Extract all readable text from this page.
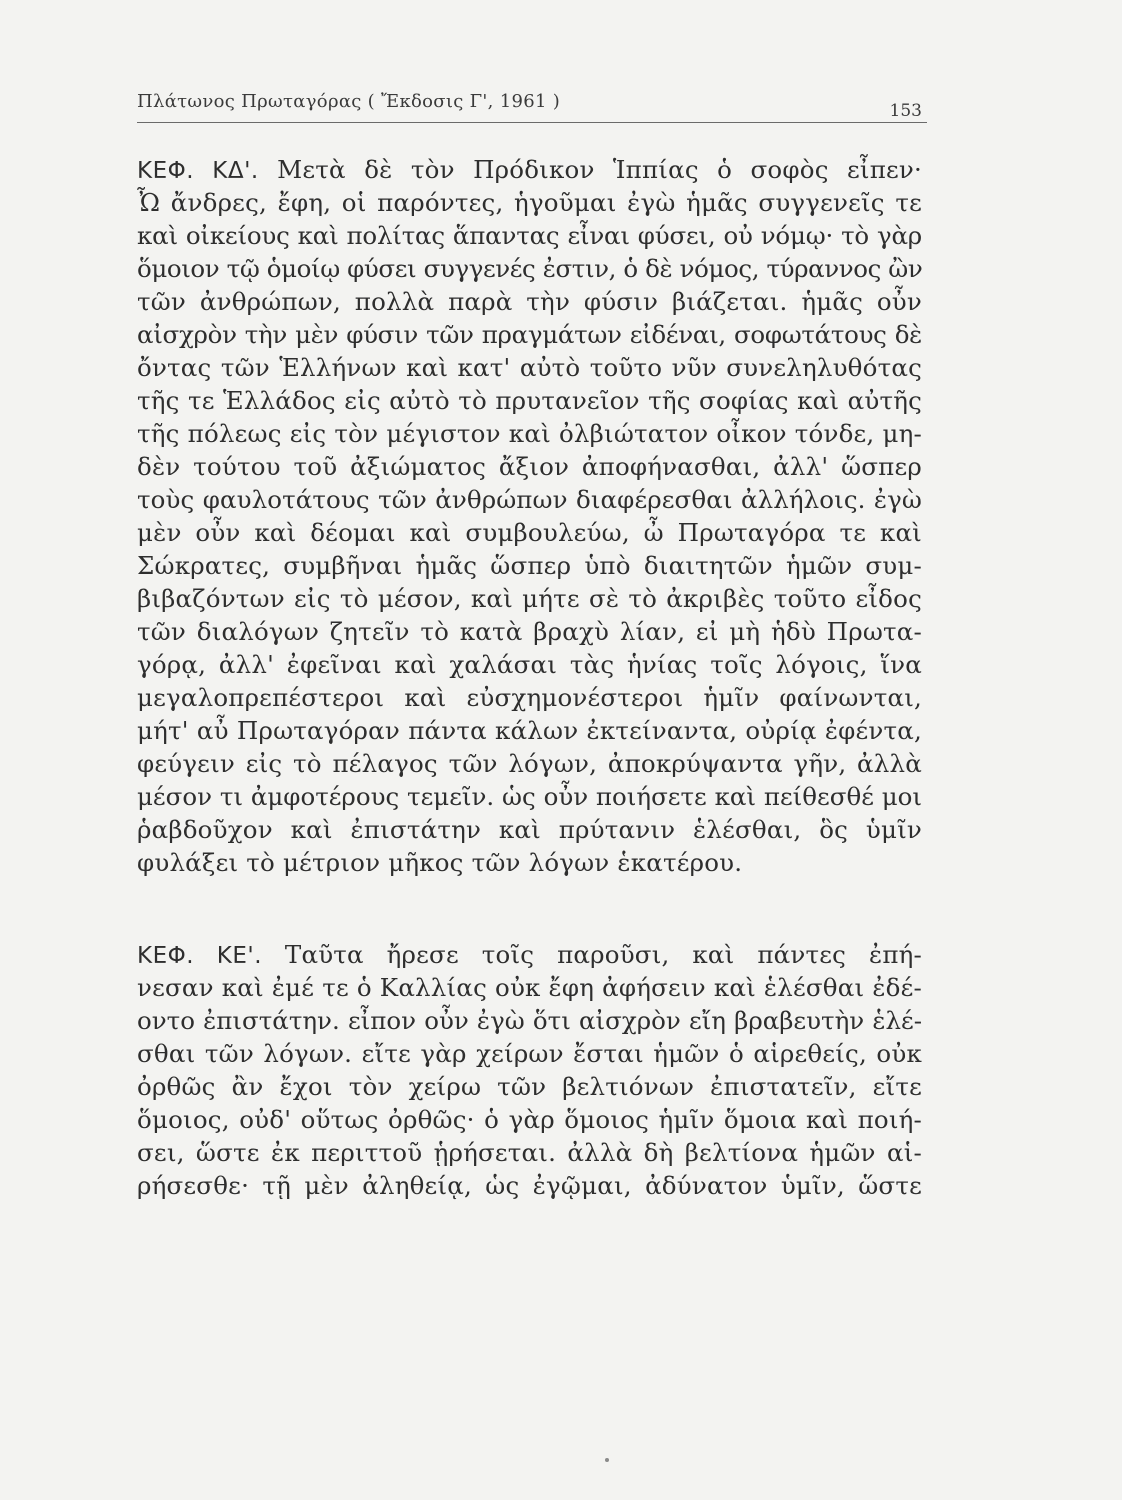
Πλάτωνος Πρωταγόρας ( Ἔκδοσις Γ', 1961 )	153
ΚΕΦ. ΚΔ'. Μετὰ δὲ τὸν Πρόδικον Ἱππίας ὁ σοφὸς εἶπεν·
Ὦ ἄνδρες, ἔφη, οἱ παρόντες, ἡγοῦμαι ἐγὼ ἡμᾶς συγγενεῖς τε
καὶ οἰκείους καὶ πολίτας ἅπαντας εἶναι φύσει, οὐ νόμῳ· τὸ γὰρ
ὅμοιον τῷ ὁμοίῳ φύσει συγγενές ἐστιν, ὁ δὲ νόμος, τύραννος ὢν
τῶν ἀνθρώπων, πολλὰ παρὰ τὴν φύσιν βιάζεται. ἡμᾶς οὖν
αἰσχρὸν τὴν μὲν φύσιν τῶν πραγμάτων εἰδέναι, σοφωτάτους δὲ
ὄντας τῶν Ἑλλήνων καὶ κατ' αὐτὸ τοῦτο νῦν συνεληλυθότας
τῆς τε Ἑλλάδος εἰς αὐτὸ τὸ πρυτανεῖον τῆς σοφίας καὶ αὐτῆς
τῆς πόλεως εἰς τὸν μέγιστον καὶ ὀλβιώτατον οἶκον τόνδε, μη-
δὲν τούτου τοῦ ἀξιώματος ἄξιον ἀποφήνασθαι, ἀλλ' ὥσπερ
τοὺς φαυλοτάτους τῶν ἀνθρώπων διαφέρεσθαι ἀλλήλοις. ἐγὼ
μὲν οὖν καὶ δέομαι καὶ συμβουλεύω, ὦ Πρωταγόρα τε καὶ
Σώκρατες, συμβῆναι ἡμᾶς ὥσπερ ὑπὸ διαιτητῶν ἡμῶν συμ-
βιβαζόντων εἰς τὸ μέσον, καὶ μήτε σὲ τὸ ἀκριβὲς τοῦτο εἶδος
τῶν διαλόγων ζητεῖν τὸ κατὰ βραχὺ λίαν, εἰ μὴ ἡδὺ Πρωτα-
γόρᾳ, ἀλλ' ἐφεῖναι καὶ χαλάσαι τὰς ἡνίας τοῖς λόγοις, ἵνα
μεγαλοπρεπέστεροι καὶ εὐσχημονέστεροι ἡμῖν φαίνωνται,
μήτ' αὖ Πρωταγόραν πάντα κάλων ἐκτείναντα, οὐρίᾳ ἐφέντα,
φεύγειν εἰς τὸ πέλαγος τῶν λόγων, ἀποκρύψαντα γῆν, ἀλλὰ
μέσον τι ἀμφοτέρους τεμεῖν. ὡς οὖν ποιήσετε καὶ πείθεσθέ μοι
ῥαβδοῦχον καὶ ἐπιστάτην καὶ πρύτανιν ἑλέσθαι, ὃς ὑμῖν
φυλάξει τὸ μέτριον μῆκος τῶν λόγων ἑκατέρου.
ΚΕΦ. ΚΕ'. Ταῦτα ἤρεσε τοῖς παροῦσι, καὶ πάντες ἐπή-
νεσαν καὶ ἐμέ τε ὁ Καλλίας οὐκ ἔφη ἀφήσειν καὶ ἑλέσθαι ἐδέ-
οντο ἐπιστάτην. εἶπον οὖν ἐγὼ ὅτι αἰσχρὸν εἴη βραβευτὴν ἑλέ-
σθαι τῶν λόγων. εἴτε γὰρ χείρων ἔσται ἡμῶν ὁ αἱρεθείς, οὐκ
ὀρθῶς ἂν ἔχοι τὸν χείρω τῶν βελτιόνων ἐπιστατεῖν, εἴτε
ὅμοιος, οὐδ' οὕτως ὀρθῶς· ὁ γὰρ ὅμοιος ἡμῖν ὅμοια καὶ ποιή-
σει, ὥστε ἐκ περιττοῦ ᾑρήσεται. ἀλλὰ δὴ βελτίονα ἡμῶν αἱ-
ρήσεσθε· τῇ μὲν ἀληθείᾳ, ὡς ἐγῷμαι, ἀδύνατον ὑμῖν, ὥστε
